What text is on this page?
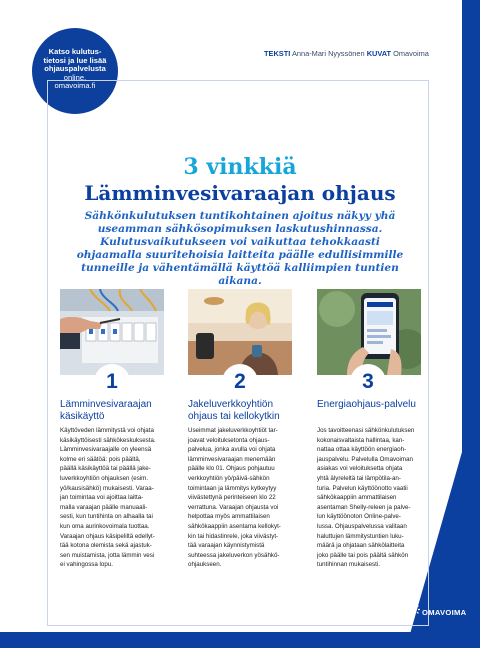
Katso kulutus-tietosi ja lue lisää ohjauspalvelusta
online.
omavoima.fi
TEKSTI Anna-Mari Nyyssönen KUVAT Omavoima
3 vinkkiä
Lämminvesivaraajan ohjaus
Sähkönkulutuksen tuntikohtainen ajoitus näkyy yhä useamman sähkösopimuksen laskutushinnassa. Kulutusvaikutukseen voi vaikuttaa tehokkaasti ohjaamalla suuritehoisia laitteita päälle edullisimmille tunneille ja vähentämällä käyttöä kalliimpien tuntien aikana.
1
Lämminvesivaraajan käsikäyttö
Käyttöveden lämmitystä voi ohjata
käsikäyttöisesti sähkökeskuksesta.
Lämminvesivaraajalle on yleensä
kolme eri säätöä: pois päältä,
päällä käsikäyttöä tai päällä jake-
luverkkoyhtiön ohjauksen (esim.
yö/kausisähkö) mukaisesti. Varaa-
jan toimintaa voi ajoittaa laitta-
malla varaajan päälle manuaali-
sesti, kun tuntihinta on alhaalla tai
kun oma aurinkovoimala tuottaa.
Varaajan ohjaus käsipeliltä edellyt-
tää kotona olemista sekä ajastuk-
sen muistamista, jotta lämmin vesi
ei vahingossa lopu.
2
Jakeluverkkoyhtiön ohjaus tai kellokytkin
Useimmat jakeluverkkoyhtiöt tar-
joavat veloituksetonta ohjaus-
palvelua, jonka avulla voi ohjata
lämminvesivaraajan menemään
päälle klo 01. Ohjaus pohjautuu
verkkoyhtiön yö/päivä-sähkön
toimintaan ja lämmitys kytkeytyy
viivästettynä perinteiseen klo 22
verrattuna. Varaajan ohjausta voi
helpottaa myös ammattilaisen
sähkökaappiin asentama kellokyt-
kin tai hidastinrele, joka viivästyt-
tää varaajan käynnistymistä
suhteessa jakeluverkon yösähkö-
ohjaukseen.
3
Energiaohjaus-palvelu
Jos tavoitteenasi sähkönkulutuksen
kokonaisvaltaista hallintaa, kan-
nattaa ottaa käyttöön energiaoh-
jauspalvelu. Palvelulla Omavoiman
asiakas voi veloituksetta ohjata
yhtä älyreleltä tai lämpötila-an-
turia. Palvelun käyttöönotto vaatii
sähkökaappiin ammattilaisen
asentaman Shelly-releen ja palve-
lun käyttöönoton Online-palve-
lussa. Ohjauspalvelussa valitaan
haluttujen lämmitystuntien luku-
määrä ja ohjataan sähkölaitteita
joko päälle tai pois päältä sähkön
tuntihinnan mukaisesti.
OMAVOIMA
